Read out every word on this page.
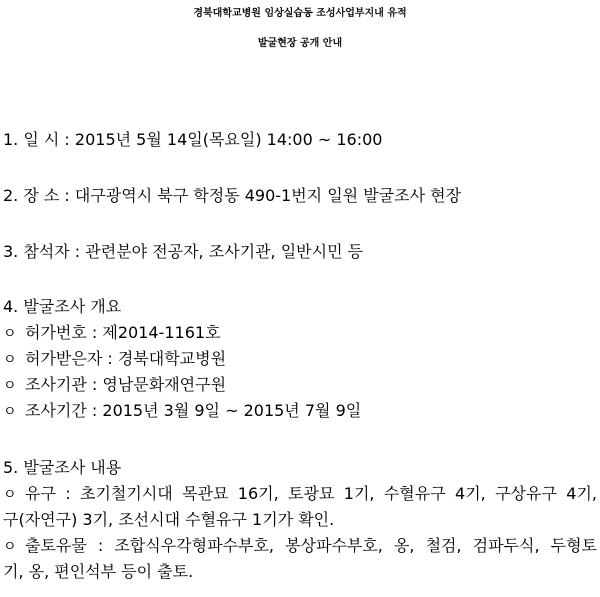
경북대학교병원 임상실습동 조성사업부지내 유적
발굴현장 공개 안내
1. 일 시 : 2015년 5월 14일(목요일) 14:00 ~ 16:00
2. 장 소 : 대구광역시 북구 학정동 490-1번지 일원 발굴조사 현장
3. 참석자 : 관련분야 전공자, 조사기관, 일반시민 등
4. 발굴조사 개요
ㅇ 허가번호 : 제2014-1161호
ㅇ 허가받은자 : 경북대학교병원
ㅇ 조사기관 : 영남문화재연구원
ㅇ 조사기간 : 2015년 3월 9일 ~ 2015년 7월 9일
5. 발굴조사 내용
ㅇ 유구 : 초기철기시대 목관묘 16기, 토광묘 1기, 수혈유구 4기, 구상유구 4기,
구(자연구) 3기, 조선시대 수혈유구 1기가 확인.
ㅇ 출토유물 : 조합식우각형파수부호, 봉상파수부호, 옹, 철검, 검파두식, 두형토
기, 옹, 편인석부 등이 출토.
